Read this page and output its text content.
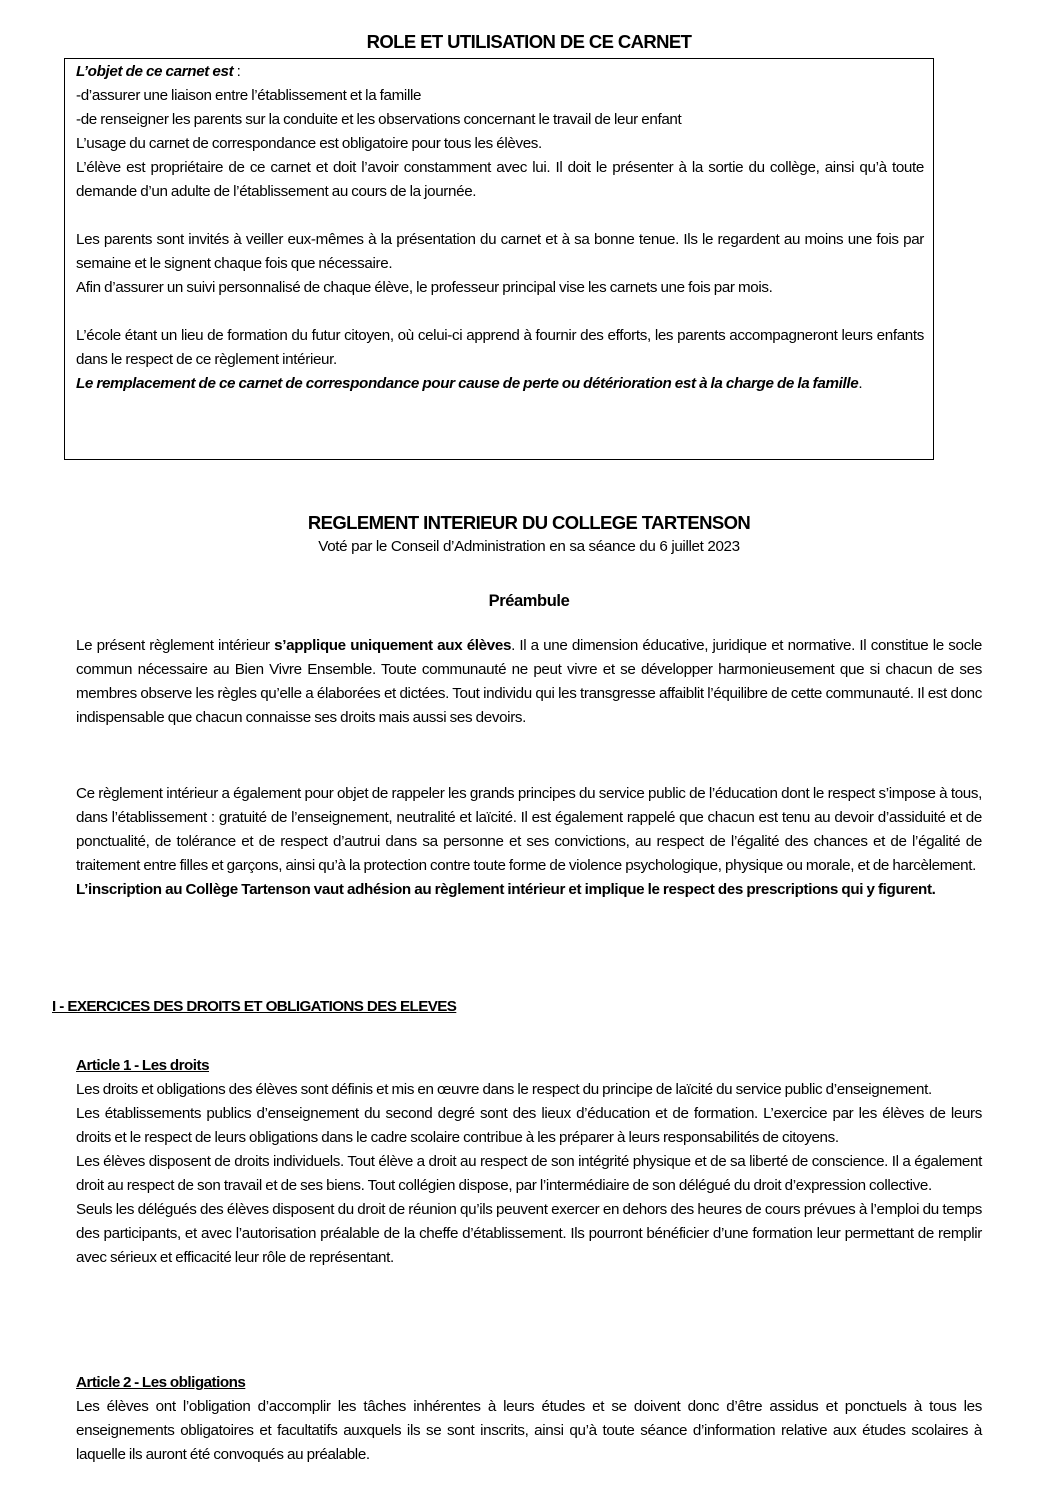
ROLE ET UTILISATION DE CE CARNET

L’objet de ce carnet est :

-d’assurer une liaison entre l’établissement et la famille

-de renseigner les parents sur la conduite et les observations concernant le travail de leur enfant

L’usage du carnet de correspondance est obligatoire pour tous les élèves.

L’élève est propriétaire de ce carnet et doit l’avoir constamment avec lui. Il doit le présenter à la sortie du collège, ainsi qu’à toute demande d’un adulte de l’établissement au cours de la journée.

Les parents sont invités à veiller eux-mêmes à la présentation du carnet et à sa bonne tenue. Ils le regardent au moins une fois par semaine et le signent chaque fois que nécessaire.

Afin d’assurer un suivi personnalisé de chaque élève, le professeur principal vise les carnets une fois par mois.

L’école étant un lieu de formation du futur citoyen, où celui-ci apprend à fournir des efforts, les parents accompagneront leurs enfants dans le respect de ce règlement intérieur.

Le remplacement de ce carnet de correspondance pour cause de perte ou détérioration est à la charge de la famille.

REGLEMENT INTERIEUR DU COLLEGE TARTENSON
Voté par le Conseil d’Administration en sa séance du 6 juillet 2023
Préambule

Le présent règlement intérieur s’applique uniquement aux élèves. Il a une dimension éducative, juridique et normative. Il constitue le socle commun nécessaire au Bien Vivre Ensemble. Toute communauté ne peut vivre et se développer harmonieusement que si chacun de ses membres observe les règles qu’elle a élaborées et dictées. Tout individu qui les transgresse affaiblit l’équilibre de cette communauté. Il est donc indispensable que chacun connaisse ses droits mais aussi ses devoirs.

Ce règlement intérieur a également pour objet de rappeler les grands principes du service public de l’éducation dont le respect s’impose à tous, dans l’établissement : gratuité de l’enseignement, neutralité et laïcité. Il est également rappelé que chacun est tenu au devoir d’assiduité et de ponctualité, de tolérance et de respect d’autrui dans sa personne et ses convictions, au respect de l’égalité des chances et de l’égalité de traitement entre filles et garçons, ainsi qu’à la protection contre toute forme de violence psychologique, physique ou morale, et de harcèlement.

L’inscription au Collège Tartenson vaut adhésion au règlement intérieur et implique le respect des prescriptions qui y figurent.

I - EXERCICES DES DROITS ET OBLIGATIONS DES ELEVES

Article 1 - Les droits

Les droits et obligations des élèves sont définis et mis en œuvre dans le respect du principe de laïcité du service public d’enseignement.

Les établissements publics d’enseignement du second degré sont des lieux d’éducation et de formation. L’exercice par les élèves de leurs droits et le respect de leurs obligations dans le cadre scolaire contribue à les préparer à leurs responsabilités de citoyens.

Les élèves disposent de droits individuels. Tout élève a droit au respect de son intégrité physique et de sa liberté de conscience. Il a également droit au respect de son travail et de ses biens. Tout collégien dispose, par l’intermédiaire de son délégué du droit d’expression collective.

Seuls les délégués des élèves disposent du droit de réunion qu’ils peuvent exercer en dehors des heures de cours prévues à l’emploi du temps des participants, et avec l’autorisation préalable de la cheffe d’établissement. Ils pourront bénéficier d’une formation leur permettant de remplir avec sérieux et efficacité leur rôle de représentant.

Article 2 - Les obligations

Les élèves ont l’obligation d’accomplir les tâches inhérentes à leurs études et se doivent donc d’être assidus et ponctuels à tous les enseignements obligatoires et facultatifs auxquels ils se sont inscrits, ainsi qu’à toute séance d’information relative aux études scolaires à laquelle ils auront été convoqués au préalable.
